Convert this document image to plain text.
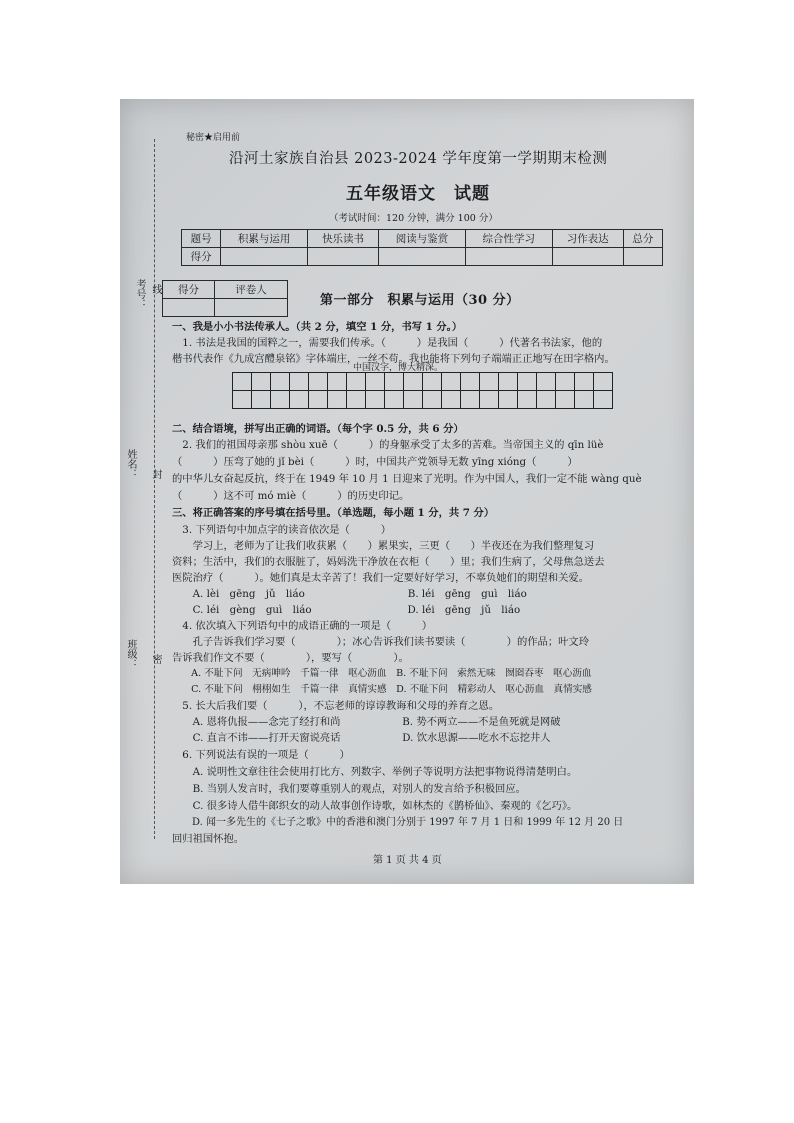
考号： 线
姓名： 封
班级： 密
秘密★启用前
沿河土家族自治县 2023-2024 学年度第一学期期末检测
五年级语文　试题
（考试时间：120 分钟，满分 100 分）
题号	积累与运用	快乐读书	阅读与鉴赏	综合性学习	习作表达	总分
得分						
得分	评卷人

第一部分　积累与运用（30 分）
一、我是小小书法传承人。（共 2 分，填空 1 分，书写 1 分。）
　1. 书法是我国的国粹之一，需要我们传承。（　　　）是我国（　　　）代著名书法家，他的
楷书代表作《九成宫醴泉铭》字体端庄，一丝不苟。我也能将下列句子端端正正地写在田字格内。
中国汉字，博大精深。
二、结合语境，拼写出正确的词语。（每个字 0.5 分，共 6 分）
　2. 我们的祖国母亲那 shòu xuē（　　　）的身躯承受了太多的苦难。当帝国主义的 qīn lüè
（　　　）压弯了她的 jǐ bèi（　　　）时，中国共产党领导无数 yīng xióng（　　　）
的中华儿女奋起反抗，终于在 1949 年 10 月 1 日迎来了光明。作为中国人，我们一定不能 wàng què
（　　　）这不可 mó miè（　　　）的历史印记。
三、将正确答案的序号填在括号里。（单选题，每小题 1 分，共 7 分）
　3. 下列语句中加点字的读音依次是（　　　）
　　学习上，老师为了让我们收获累（　　）累果实，三更（　　）半夜还在为我们整理复习
资料；生活中，我们的衣服脏了，妈妈洗干净放在衣柜（　　）里；我们生病了，父母焦急送去
医院治疗（　　　）。她们真是太辛苦了！我们一定要好好学习，不辜负她们的期望和关爱。
　　A. lèi　gēng　jǔ　liáo　　　　　　　　　　B. léi　gēng　guì　liáo
　　C. léi　gèng　guì　liáo　　　　　　　　　 D. léi　gēng　jǔ　liáo
　4. 依次填入下列语句中的成语正确的一项是（　　　）
　　孔子告诉我们学习要（　　　　）；冰心告诉我们读书要读（　　　　）的作品；叶文玲
告诉我们作文不要（　　　　），要写（　　　　）。
　　A. 不耻下问　无病呻吟　千篇一律　呕心沥血　B. 不耻下问　索然无味　囫囵吞枣　呕心沥血
　　C. 不耻下问　栩栩如生　千篇一律　真情实感　D. 不耻下问　精彩动人　呕心沥血　真情实感
　5. 长大后我们要（　　　），不忘老师的谆谆教诲和父母的养育之恩。
　　A. 恩将仇报——念完了经打和尚　　　　　　B. 势不两立——不是鱼死就是网破
　　C. 直言不讳——打开天窗说亮话　　　　　　D. 饮水思源——吃水不忘挖井人
　6. 下列说法有误的一项是（　　　）
　　A. 说明性文章往往会使用打比方、列数字、举例子等说明方法把事物说得清楚明白。
　　B. 当别人发言时，我们要尊重别人的观点，对别人的发言给予积极回应。
　　C. 很多诗人借牛郎织女的动人故事创作诗歌，如林杰的《鹊桥仙》、秦观的《乞巧》。
　　D. 闻一多先生的《七子之歌》中的香港和澳门分别于 1997 年 7 月 1 日和 1999 年 12 月 20 日
回归祖国怀抱。
第 1 页 共 4 页
